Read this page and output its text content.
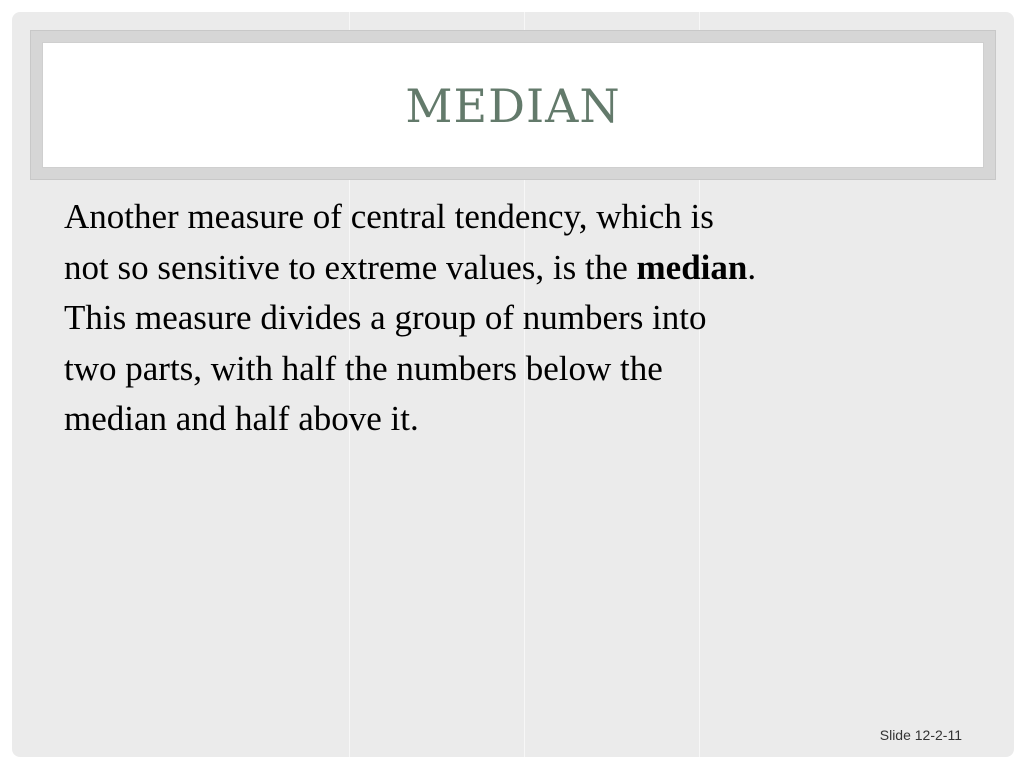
MEDIAN
Another measure of central tendency, which is
not so sensitive to extreme values, is the median.
This measure divides a group of numbers into
two parts, with half the numbers below the
median and half above it.
Slide 12-2-11
